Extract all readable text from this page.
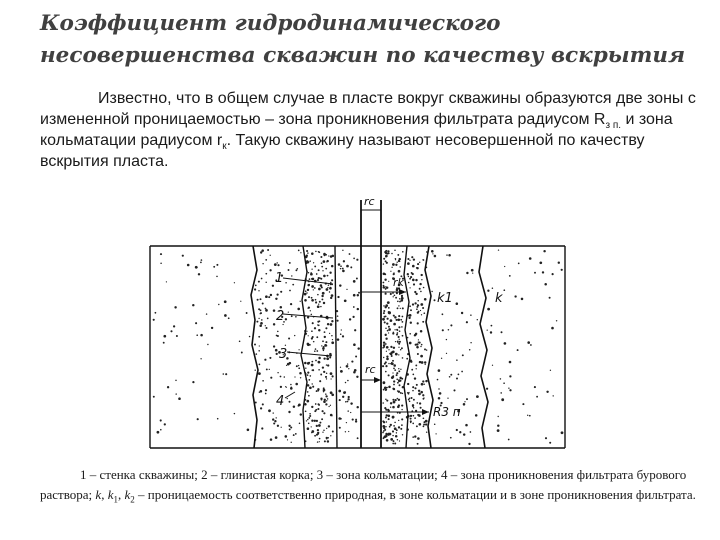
Коэффициент гидродинамического
несовершенства скважин по качеству вскрытия

Известно, что в общем случае в пласте вокруг скважины образуются две зоны с измененной проницаемостью – зона проникновения фильтрата радиусом $R_{з п.}$ и зона кольматации радиусом $r_к$. Такую скважину называют несовершенной по качеству вскрытия пласта.

rc
rc
1
2
3
4
rk
k1	k
R3 п

1 – стенка скважины; 2 – глинистая корка; 3 – зона кольматации; 4 – зона проникновения фильтрата бурового раствора; k, $k_1$, $k_2$ – проницаемость соответственно природная, в зоне кольматации и в зоне проникновения фильтрата.
